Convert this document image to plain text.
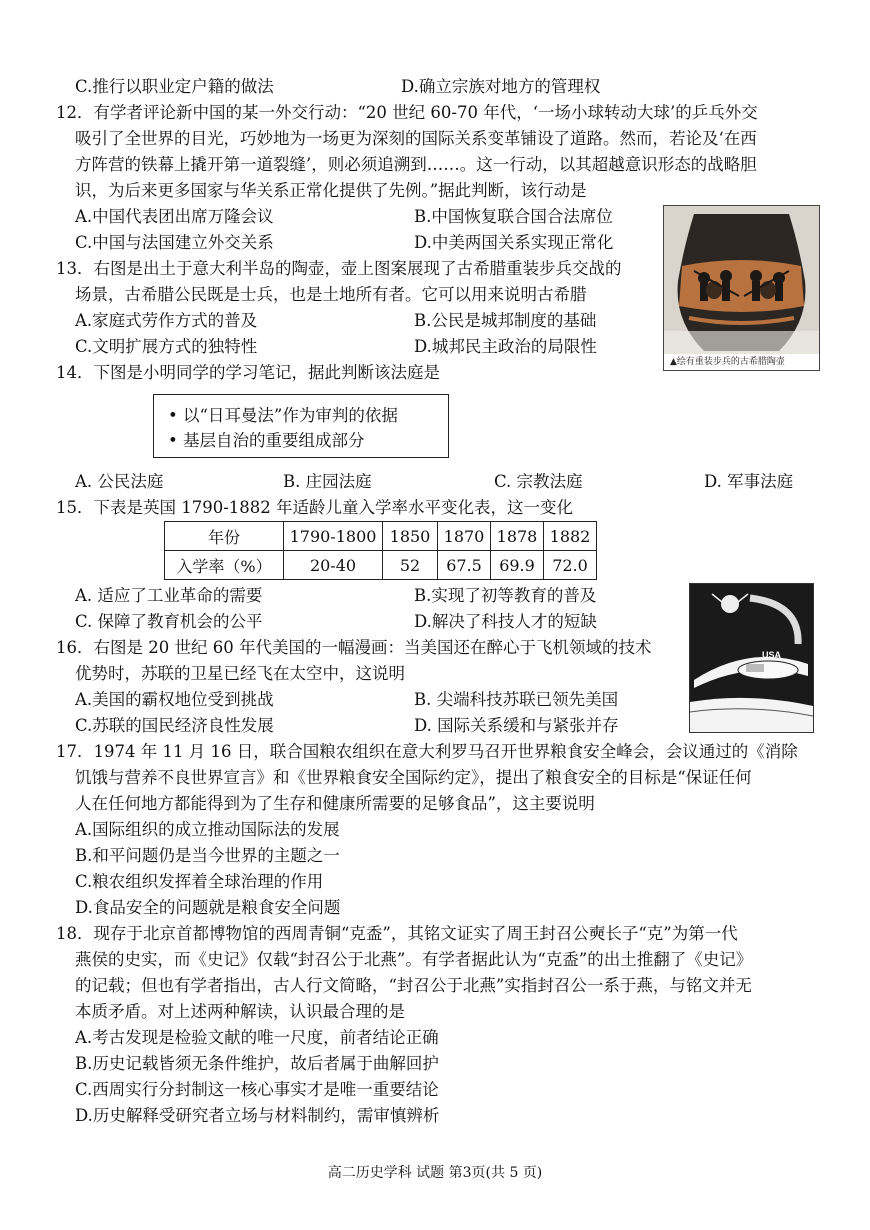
C.推行以职业定户籍的做法	D.确立宗族对地方的管理权
12．有学者评论新中国的某一外交行动：“20 世纪 60-70 年代，‘一场小球转动大球’的乒乓外交
吸引了全世界的目光，巧妙地为一场更为深刻的国际关系变革铺设了道路。然而，若论及‘在西
方阵营的铁幕上撬开第一道裂缝’，则必须追溯到……。这一行动，以其超越意识形态的战略胆
识，为后来更多国家与华关系正常化提供了先例。”据此判断，该行动是
A.中国代表团出席万隆会议	B.中国恢复联合国合法席位
C.中国与法国建立外交关系	D.中美两国关系实现正常化
▲绘有重装步兵的古希腊陶壶
13．右图是出土于意大利半岛的陶壶，壶上图案展现了古希腊重装步兵交战的
场景，古希腊公民既是士兵，也是土地所有者。它可以用来说明古希腊
A.家庭式劳作方式的普及	B.公民是城邦制度的基础
C.文明扩展方式的独特性	D.城邦民主政治的局限性
14．下图是小明同学的学习笔记，据此判断该法庭是
• 以“日耳曼法”作为审判的依据
• 基层自治的重要组成部分
A. 公民法庭	B. 庄园法庭	C. 宗教法庭	D. 军事法庭
15．下表是英国 1790-1882 年适龄儿童入学率水平变化表，这一变化
年份	1790-1800	1850	1870	1878	1882
入学率（%）	20-40	52	67.5	69.9	72.0
A. 适应了工业革命的需要	B.实现了初等教育的普及
C. 保障了教育机会的公平	D.解决了科技人才的短缺
USA
16．右图是 20 世纪 60 年代美国的一幅漫画：当美国还在醉心于飞机领域的技术
优势时，苏联的卫星已经飞在太空中，这说明
A.美国的霸权地位受到挑战	B. 尖端科技苏联已领先美国
C.苏联的国民经济良性发展	D. 国际关系缓和与紧张并存
17．1974 年 11 月 16 日，联合国粮农组织在意大利罗马召开世界粮食安全峰会，会议通过的《消除
饥饿与营养不良世界宣言》和《世界粮食安全国际约定》，提出了粮食安全的目标是“保证任何
人在任何地方都能得到为了生存和健康所需要的足够食品”，这主要说明
A.国际组织的成立推动国际法的发展
B.和平问题仍是当今世界的主题之一
C.粮农组织发挥着全球治理的作用
D.食品安全的问题就是粮食安全问题
18．现存于北京首都博物馆的西周青铜“克盉”，其铭文证实了周王封召公奭长子“克”为第一代
燕侯的史实，而《史记》仅载“封召公于北燕”。有学者据此认为“克盉”的出土推翻了《史记》
的记载；但也有学者指出，古人行文简略，“封召公于北燕”实指封召公一系于燕，与铭文并无
本质矛盾。对上述两种解读，认识最合理的是
A.考古发现是检验文献的唯一尺度，前者结论正确
B.历史记载皆须无条件维护，故后者属于曲解回护
C.西周实行分封制这一核心事实才是唯一重要结论
D.历史解释受研究者立场与材料制约，需审慎辨析
高二历史学科 试题 第3页(共 5 页)
